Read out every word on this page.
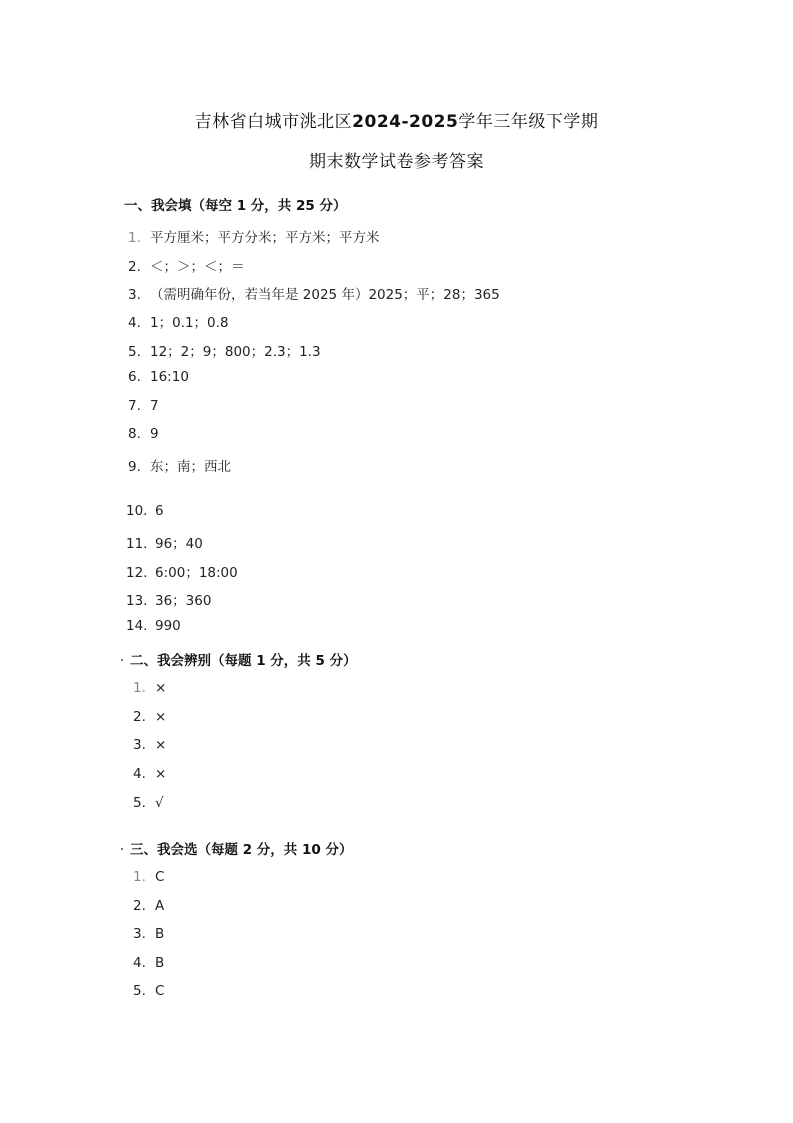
吉林省白城市洮北区2024-2025学年三年级下学期
期末数学试卷参考答案
一、我会填（每空 1 分，共 25 分）
1. 平方厘米；平方分米；平方米；平方米
2. ＜；＞；＜；＝
3. （需明确年份，若当年是 2025 年）2025；平；28；365
4. 1；0.1；0.8
5. 12；2；9；800；2.3；1.3
6. 16:10
7. 7
8. 9
9. 东；南；西北
10. 6
11. 96；40
12. 6:00；18:00
13. 36；360
14. 990
二、我会辨别（每题 1 分，共 5 分）
1. ×
2. ×
3. ×
4. ×
5. √
三、我会选（每题 2 分，共 10 分）
1. C
2. A
3. B
4. B
5. C
